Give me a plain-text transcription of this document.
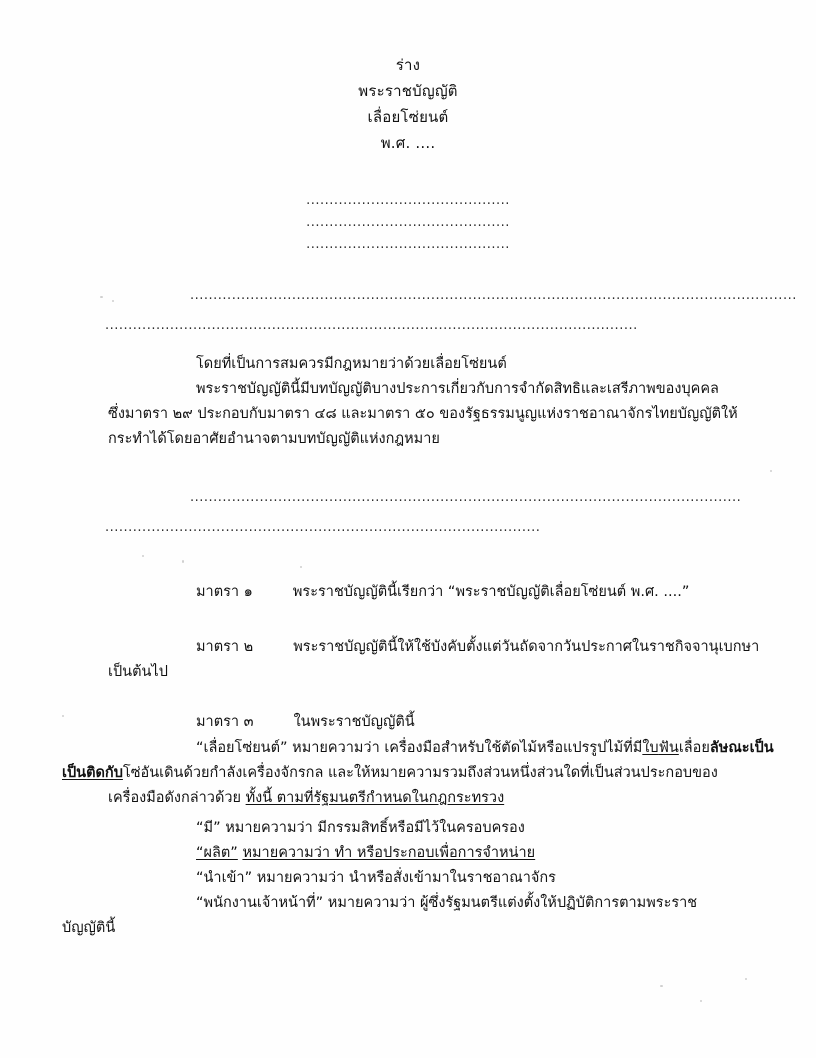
ร่าง
พระราชบัญญัติ
เลื่อยโซ่ยนต์
พ.ศ. ....
............................................
............................................
............................................
...................................................................................................................................
...................................................................................................................
โดยที่เป็นการสมควรมีกฎหมายว่าด้วยเลื่อยโซ่ยนต์
พระราชบัญญัตินี้มีบทบัญญัติบางประการเกี่ยวกับการจำกัดสิทธิและเสรีภาพของบุคคล
ซึ่งมาตรา ๒๙ ประกอบกับมาตรา ๔๘ และมาตรา ๕๐ ของรัฐธรรมนูญแห่งราชอาณาจักรไทยบัญญัติให้
กระทำได้โดยอาศัยอำนาจตามบทบัญญัติแห่งกฎหมาย
.......................................................................................................................
..............................................................................................
มาตรา ๑	พระราชบัญญัตินี้เรียกว่า “พระราชบัญญัติเลื่อยโซ่ยนต์ พ.ศ. ....”
มาตรา ๒	พระราชบัญญัตินี้ให้ใช้บังคับตั้งแต่วันถัดจากวันประกาศในราชกิจจานุเบกษา
เป็นต้นไป
มาตรา ๓	ในพระราชบัญญัตินี้
“เลื่อยโซ่ยนต์” หมายความว่า เครื่องมือสำหรับใช้ตัดไม้หรือแปรรูปไม้ที่มีใบฟันเลื่อยลัษณะเป็น
เป็นติดกับโซ่อันเดินด้วยกำลังเครื่องจักรกล และให้หมายความรวมถึงส่วนหนึ่งส่วนใดที่เป็นส่วนประกอบของ
เครื่องมือดังกล่าวด้วย ทั้งนี้ ตามที่รัฐมนตรีกำหนดในกฎกระทรวง
“มี” หมายความว่า มีกรรมสิทธิ์หรือมีไว้ในครอบครอง
“ผลิต” หมายความว่า ทำ หรือประกอบเพื่อการจำหน่าย
“นำเข้า” หมายความว่า นำหรือสั่งเข้ามาในราชอาณาจักร
“พนักงานเจ้าหน้าที่” หมายความว่า ผู้ซึ่งรัฐมนตรีแต่งตั้งให้ปฏิบัติการตามพระราช
บัญญัตินี้
